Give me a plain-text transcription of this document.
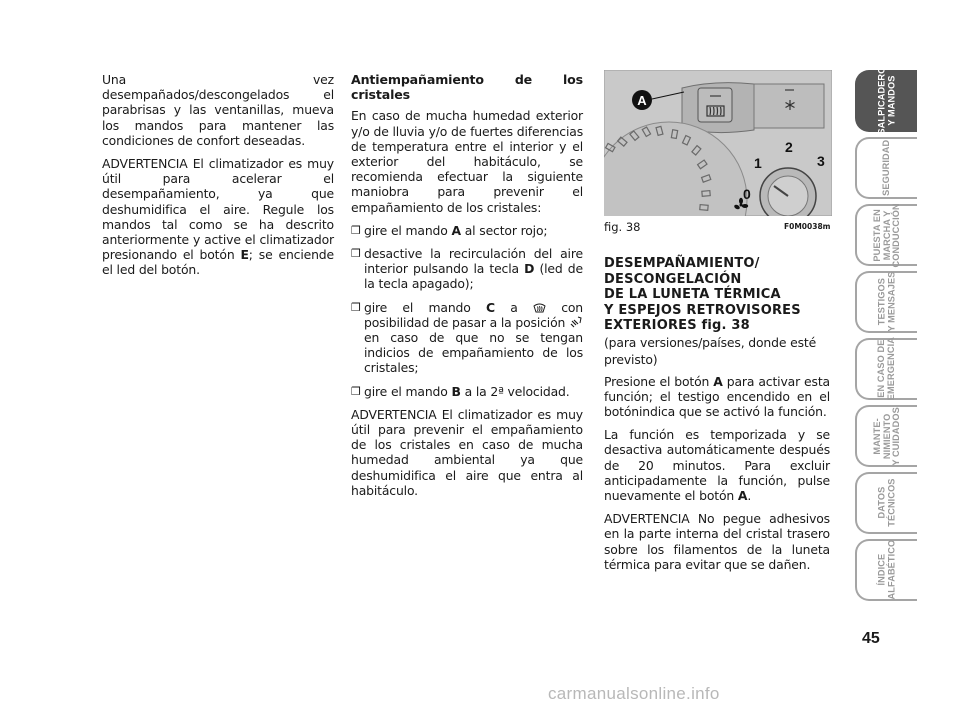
Una vez desempañados/descongelados el parabrisas y las ventanillas, mueva los mandos para mantener las condiciones de confort deseadas.

ADVERTENCIA El climatizador es muy útil para acelerar el desempañamiento, ya que deshumidifica el aire. Regule los mandos tal como se ha descrito anteriormente y active el climatizador presionando el botón E; se enciende el led del botón.

Antiempañamiento de los cristales

En caso de mucha humedad exterior y/o de lluvia y/o de fuertes diferencias de temperatura entre el interior y el exterior del habitáculo, se recomienda efectuar la siguiente maniobra para prevenir el empañamiento de los cristales:

❒ gire el mando A al sector rojo;
❒ desactive la recirculación del aire interior pulsando la tecla D (led de la tecla apagado);
❒ gire el mando C a  con posibilidad de pasar a la posición  en caso de que no se tengan indicios de empañamiento de los cristales;
❒ gire el mando B a la 2ª velocidad.

ADVERTENCIA El climatizador es muy útil para prevenir el empañamiento de los cristales en caso de mucha humedad ambiental ya que deshumidifica el aire que entra al habitáculo.

A
0
1
2
3
fig. 38	F0M0038m
DESEMPAÑAMIENTO/
DESCONGELACIÓN
DE LA LUNETA TÉRMICA
Y ESPEJOS RETROVISORES
EXTERIORES fig. 38

(para versiones/países, donde esté previsto)

Presione el botón A para activar esta función; el testigo encendido en el botónindica que se activó la función.

La función es temporizada y se desactiva automáticamente después de 20 minutos. Para excluir anticipadamente la función, pulse nuevamente el botón A.

ADVERTENCIA No pegue adhesivos en la parte interna del cristal trasero sobre los filamentos de la luneta térmica para evitar que se dañen.

SALPICADERO
Y MANDOS
SEGURIDAD
PUESTA EN
MARCHA Y
CONDUCCIÓN
TESTIGOS
Y MENSAJES
EN CASO DE
EMERGENCIA
MANTE-
NIMIENTO
Y CUIDADOS
DATOS
TÉCNICOS
ÍNDICE
ALFABÉTICO
45
carmanualsonline.info
